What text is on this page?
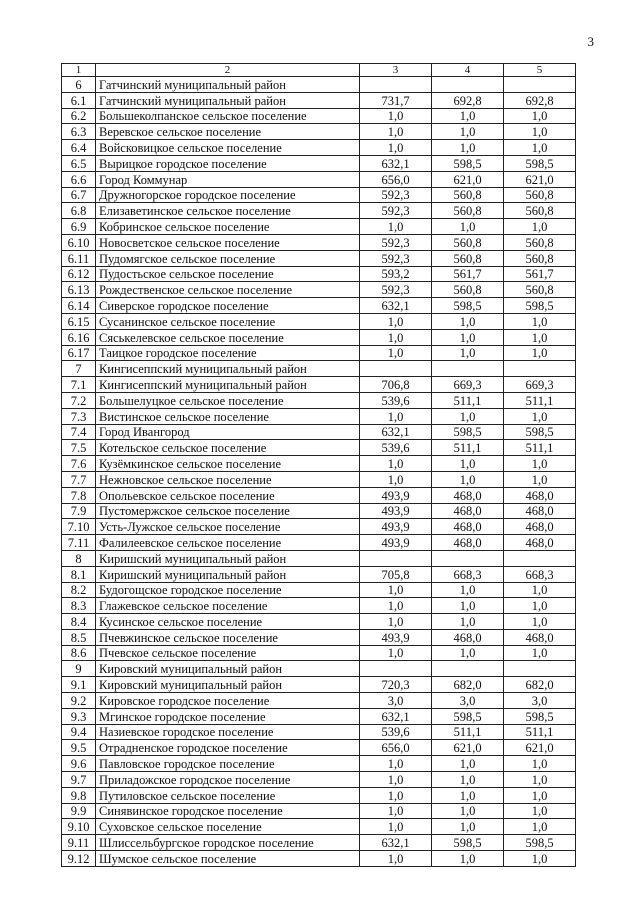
3
1	2	3	4	5
6	Гатчинский муниципальный район			
6.1	Гатчинский муниципальный район	731,7	692,8	692,8
6.2	Большеколпанское сельское поселение	1,0	1,0	1,0
6.3	Веревское сельское поселение	1,0	1,0	1,0
6.4	Войсковицкое сельское поселение	1,0	1,0	1,0
6.5	Вырицкое городское поселение	632,1	598,5	598,5
6.6	Город Коммунар	656,0	621,0	621,0
6.7	Дружногорское городское поселение	592,3	560,8	560,8
6.8	Елизаветинское сельское поселение	592,3	560,8	560,8
6.9	Кобринское сельское поселение	1,0	1,0	1,0
6.10	Новосветское сельское поселение	592,3	560,8	560,8
6.11	Пудомягское сельское поселение	592,3	560,8	560,8
6.12	Пудостьское сельское поселение	593,2	561,7	561,7
6.13	Рождественское сельское поселение	592,3	560,8	560,8
6.14	Сиверское городское поселение	632,1	598,5	598,5
6.15	Сусанинское сельское поселение	1,0	1,0	1,0
6.16	Сяськелевское сельское поселение	1,0	1,0	1,0
6.17	Таицкое городское поселение	1,0	1,0	1,0
7	Кингисеппский муниципальный район			
7.1	Кингисеппский муниципальный район	706,8	669,3	669,3
7.2	Большелуцкое сельское поселение	539,6	511,1	511,1
7.3	Вистинское сельское поселение	1,0	1,0	1,0
7.4	Город Ивангород	632,1	598,5	598,5
7.5	Котельское сельское поселение	539,6	511,1	511,1
7.6	Кузёмкинское сельское поселение	1,0	1,0	1,0
7.7	Нежновское сельское поселение	1,0	1,0	1,0
7.8	Опольевское сельское поселение	493,9	468,0	468,0
7.9	Пустомержское сельское поселение	493,9	468,0	468,0
7.10	Усть-Лужское сельское поселение	493,9	468,0	468,0
7.11	Фалилеевское сельское поселение	493,9	468,0	468,0
8	Киришский муниципальный район			
8.1	Киришский муниципальный район	705,8	668,3	668,3
8.2	Будогощское городское поселение	1,0	1,0	1,0
8.3	Глажевское сельское поселение	1,0	1,0	1,0
8.4	Кусинское сельское поселение	1,0	1,0	1,0
8.5	Пчевжинское сельское поселение	493,9	468,0	468,0
8.6	Пчевское сельское поселение	1,0	1,0	1,0
9	Кировский муниципальный район			
9.1	Кировский муниципальный район	720,3	682,0	682,0
9.2	Кировское городское поселение	3,0	3,0	3,0
9.3	Мгинское городское поселение	632,1	598,5	598,5
9.4	Назиевское городское поселение	539,6	511,1	511,1
9.5	Отрадненское городское поселение	656,0	621,0	621,0
9.6	Павловское городское поселение	1,0	1,0	1,0
9.7	Приладожское городское поселение	1,0	1,0	1,0
9.8	Путиловское сельское поселение	1,0	1,0	1,0
9.9	Синявинское городское поселение	1,0	1,0	1,0
9.10	Суховское сельское поселение	1,0	1,0	1,0
9.11	Шлиссельбургское городское поселение	632,1	598,5	598,5
9.12	Шумское сельское поселение	1,0	1,0	1,0
